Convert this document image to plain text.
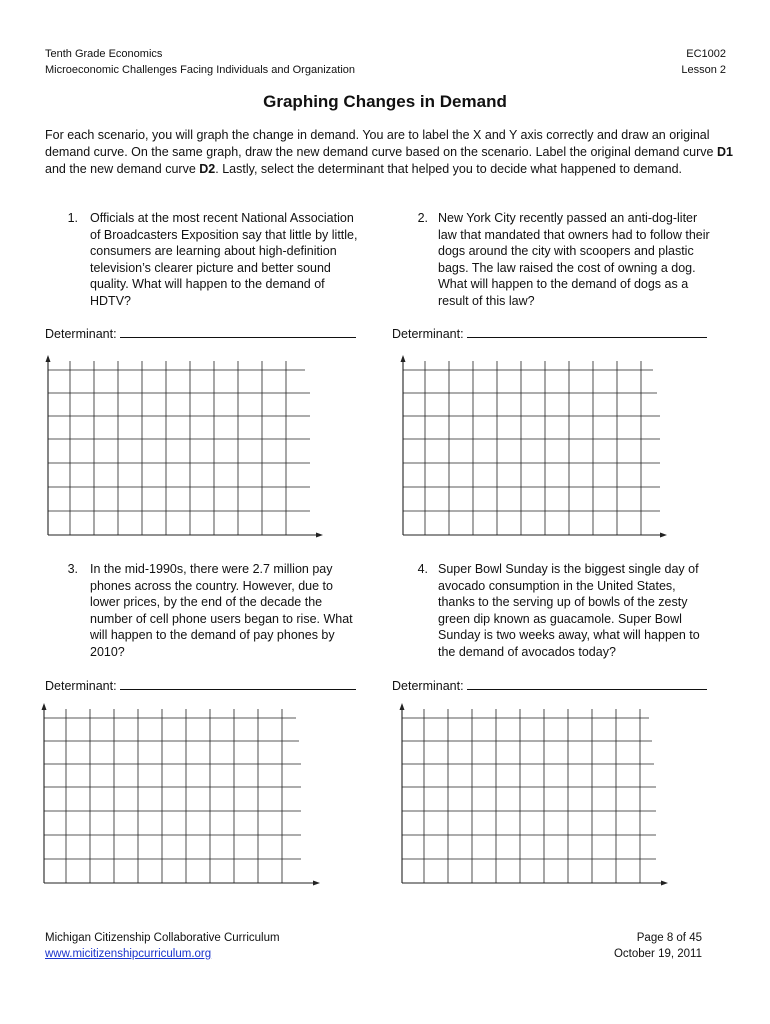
Tenth Grade Economics
Microeconomic Challenges Facing Individuals and Organization
EC1002
Lesson 2
Graphing Changes in Demand
For each scenario, you will graph the change in demand. You are to label the X and Y axis correctly and draw an original demand curve. On the same graph, draw the new demand curve based on the scenario. Label the original demand curve D1 and the new demand curve D2. Lastly, select the determinant that helped you to decide what happened to demand.
1. Officials at the most recent National Association of Broadcasters Exposition say that little by little, consumers are learning about high-definition television’s clearer picture and better sound quality. What will happen to the demand of HDTV?
2. New York City recently passed an anti-dog-liter law that mandated that owners had to follow their dogs around the city with scoopers and plastic bags. The law raised the cost of owning a dog. What will happen to the demand of dogs as a result of this law?
Determinant:	Determinant:
3. In the mid-1990s, there were 2.7 million pay phones across the country. However, due to lower prices, by the end of the decade the number of cell phone users began to rise. What will happen to the demand of pay phones by 2010?
4. Super Bowl Sunday is the biggest single day of avocado consumption in the United States, thanks to the serving up of bowls of the zesty green dip known as guacamole. Super Bowl Sunday is two weeks away, what will happen to the demand of avocados today?
Determinant:	Determinant:
Michigan Citizenship Collaborative Curriculum
www.micitizenshipcurriculum.org
Page 8 of 45
October 19, 2011
